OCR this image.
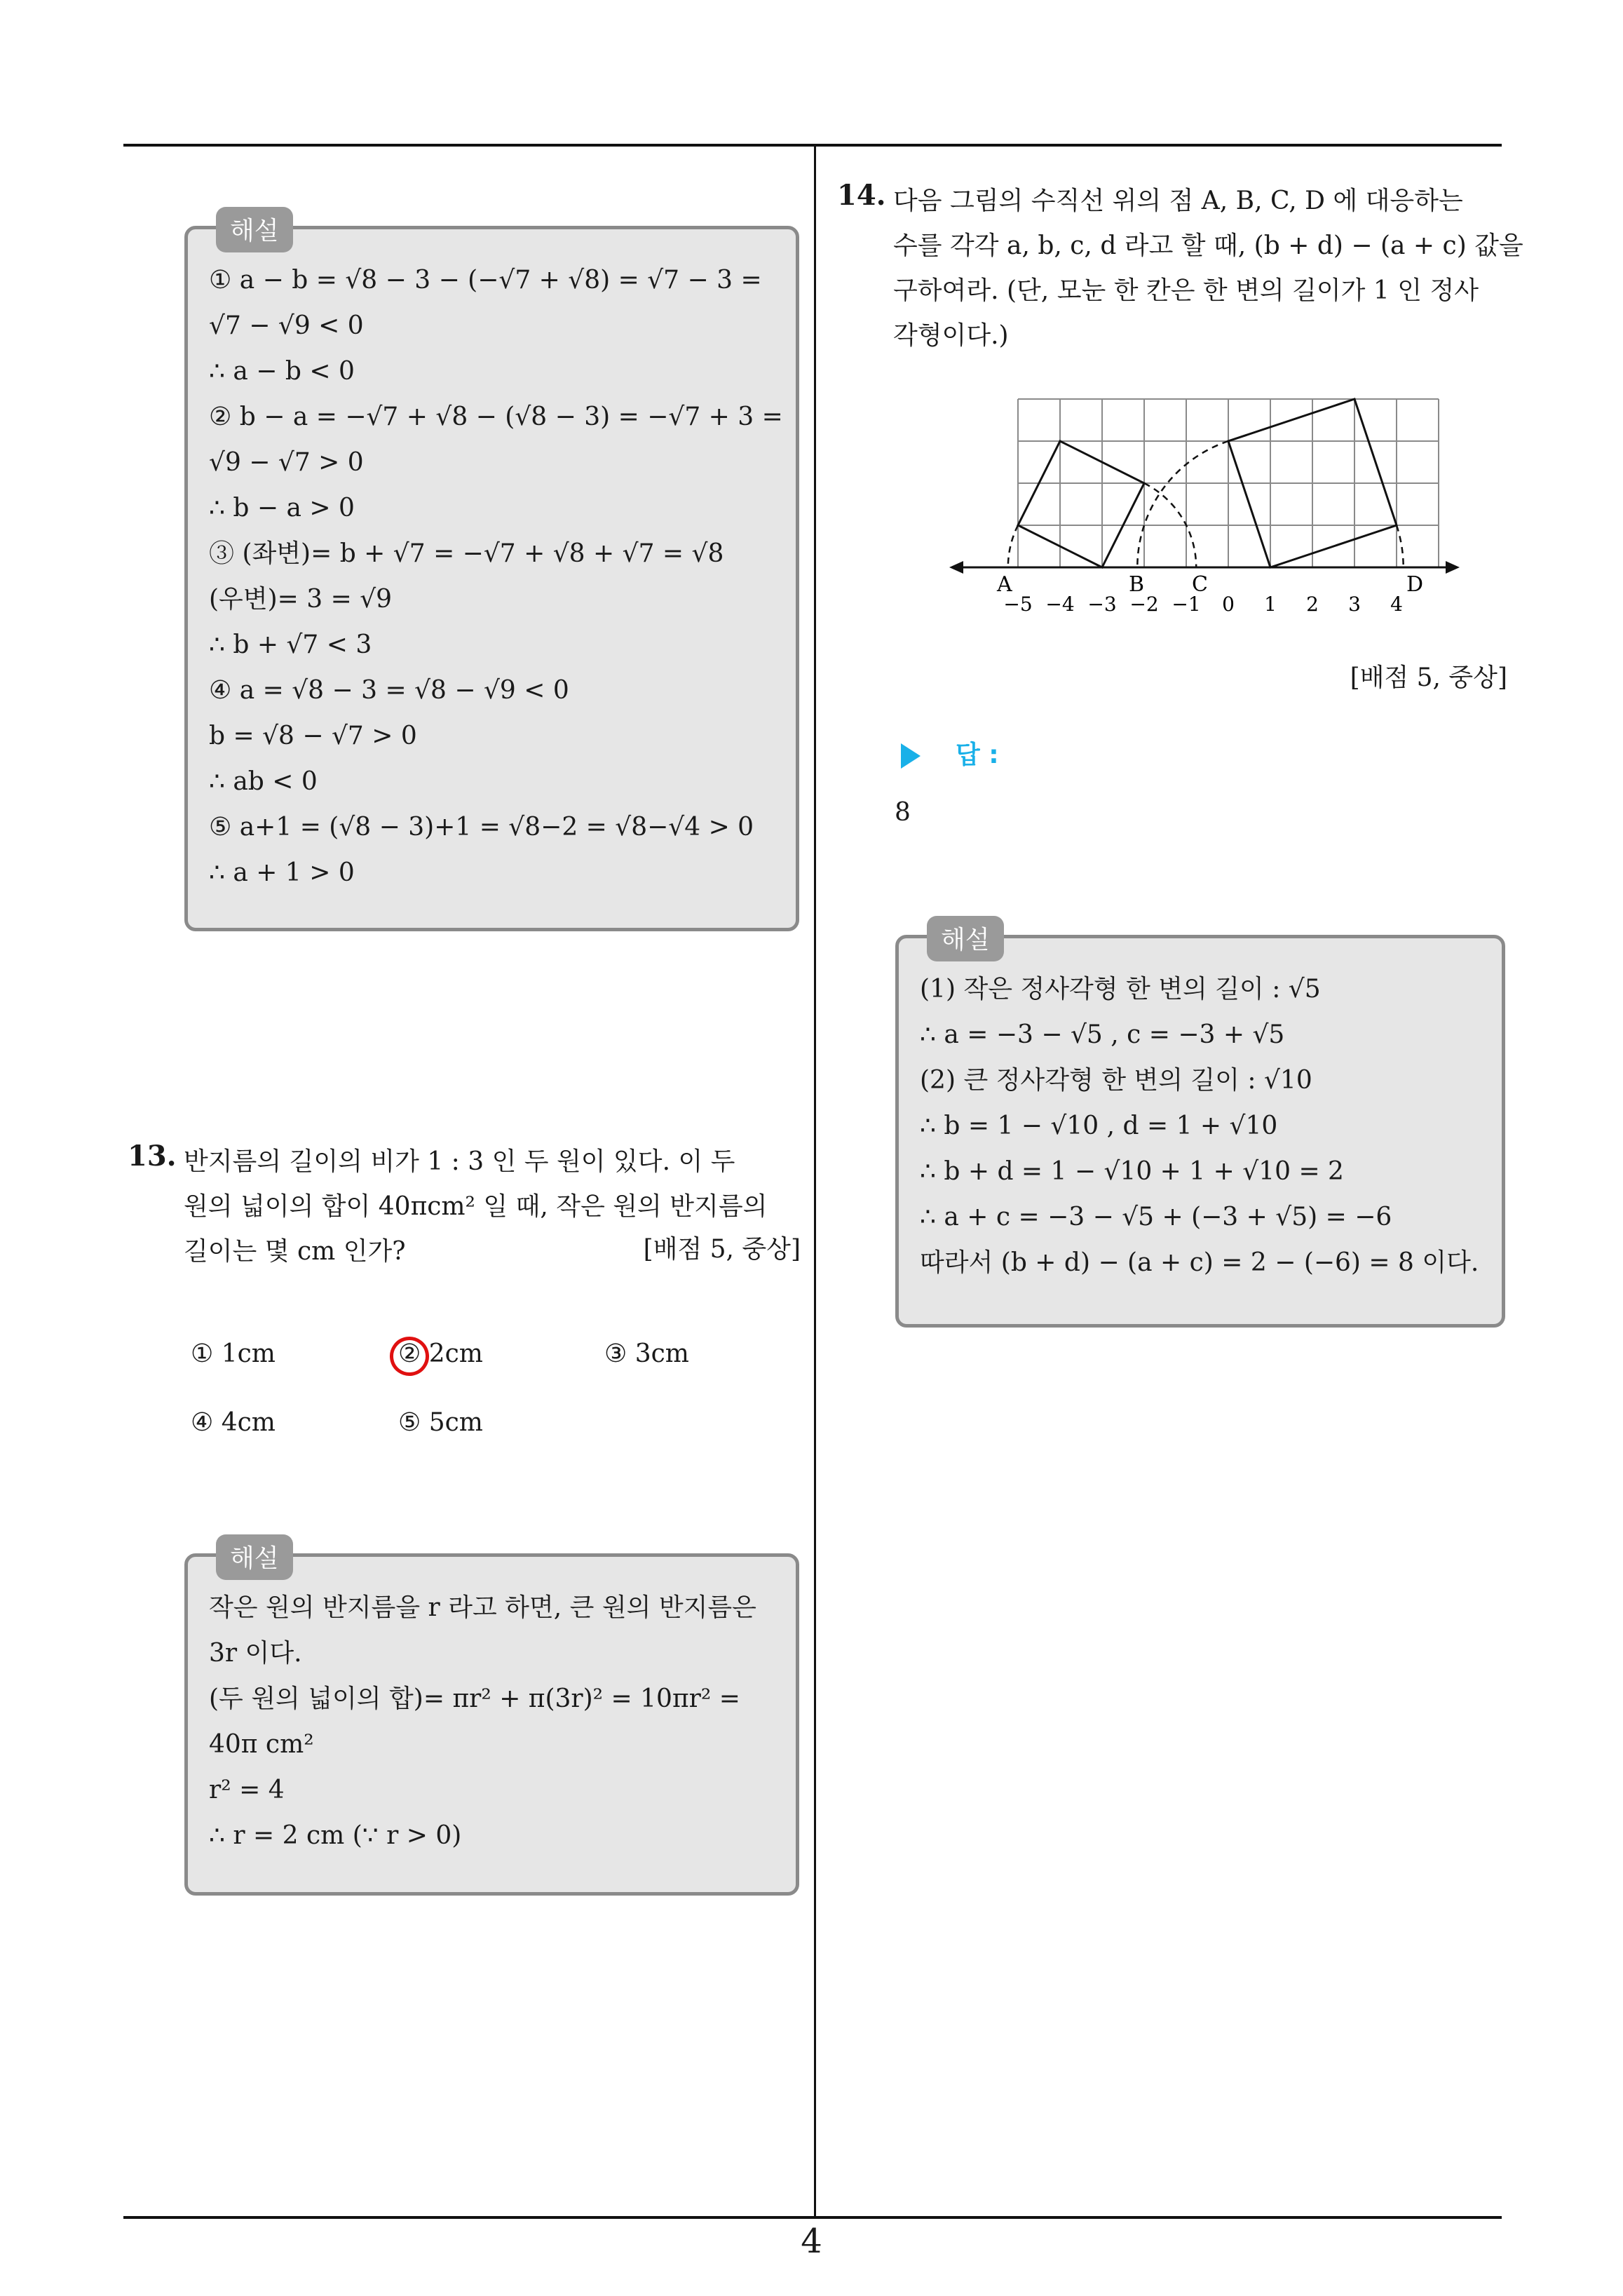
해설
① a − b = √8 − 3 − (−√7 + √8) = √7 − 3 =
√7 − √9 < 0
∴ a − b < 0
② b − a = −√7 + √8 − (√8 − 3) = −√7 + 3 =
√9 − √7 > 0
∴ b − a > 0
③ (좌변)= b + √7 = −√7 + √8 + √7 = √8
(우변)= 3 = √9
∴ b + √7 < 3
④ a = √8 − 3 = √8 − √9 < 0
b = √8 − √7 > 0
∴ ab < 0
⑤ a+1 = (√8 − 3)+1 = √8−2 = √8−√4 > 0
∴ a + 1 > 0
13. 반지름의 길이의 비가 1 : 3 인 두 원이 있다. 이 두
원의 넓이의 합이 40πcm² 일 때, 작은 원의 반지름의
길이는 몇 cm 인가?	[배점 5, 중상]
① 1cm	② 2cm	③ 3cm
④ 4cm	⑤ 5cm
해설
작은 원의 반지름을 r 라고 하면, 큰 원의 반지름은
3r 이다.
(두 원의 넓이의 합)= πr² + π(3r)² = 10πr² =
40π cm²
r² = 4
∴ r = 2 cm (∵ r > 0)
14. 다음 그림의 수직선 위의 점 A, B, C, D 에 대응하는
수를 각각 a, b, c, d 라고 할 때, (b + d) − (a + c) 값을
구하여라. (단, 모눈 한 칸은 한 변의 길이가 1 인 정사
각형이다.)
A	B C	D
−5 −4 −3 −2 −1 0 1 2 3 4
[배점 5, 중상]
답 :
8
해설
(1) 작은 정사각형 한 변의 길이 : √5
∴ a = −3 − √5 , c = −3 + √5
(2) 큰 정사각형 한 변의 길이 : √10
∴ b = 1 − √10 , d = 1 + √10
∴ b + d = 1 − √10 + 1 + √10 = 2
∴ a + c = −3 − √5 + (−3 + √5) = −6
따라서 (b + d) − (a + c) = 2 − (−6) = 8 이다.
4
